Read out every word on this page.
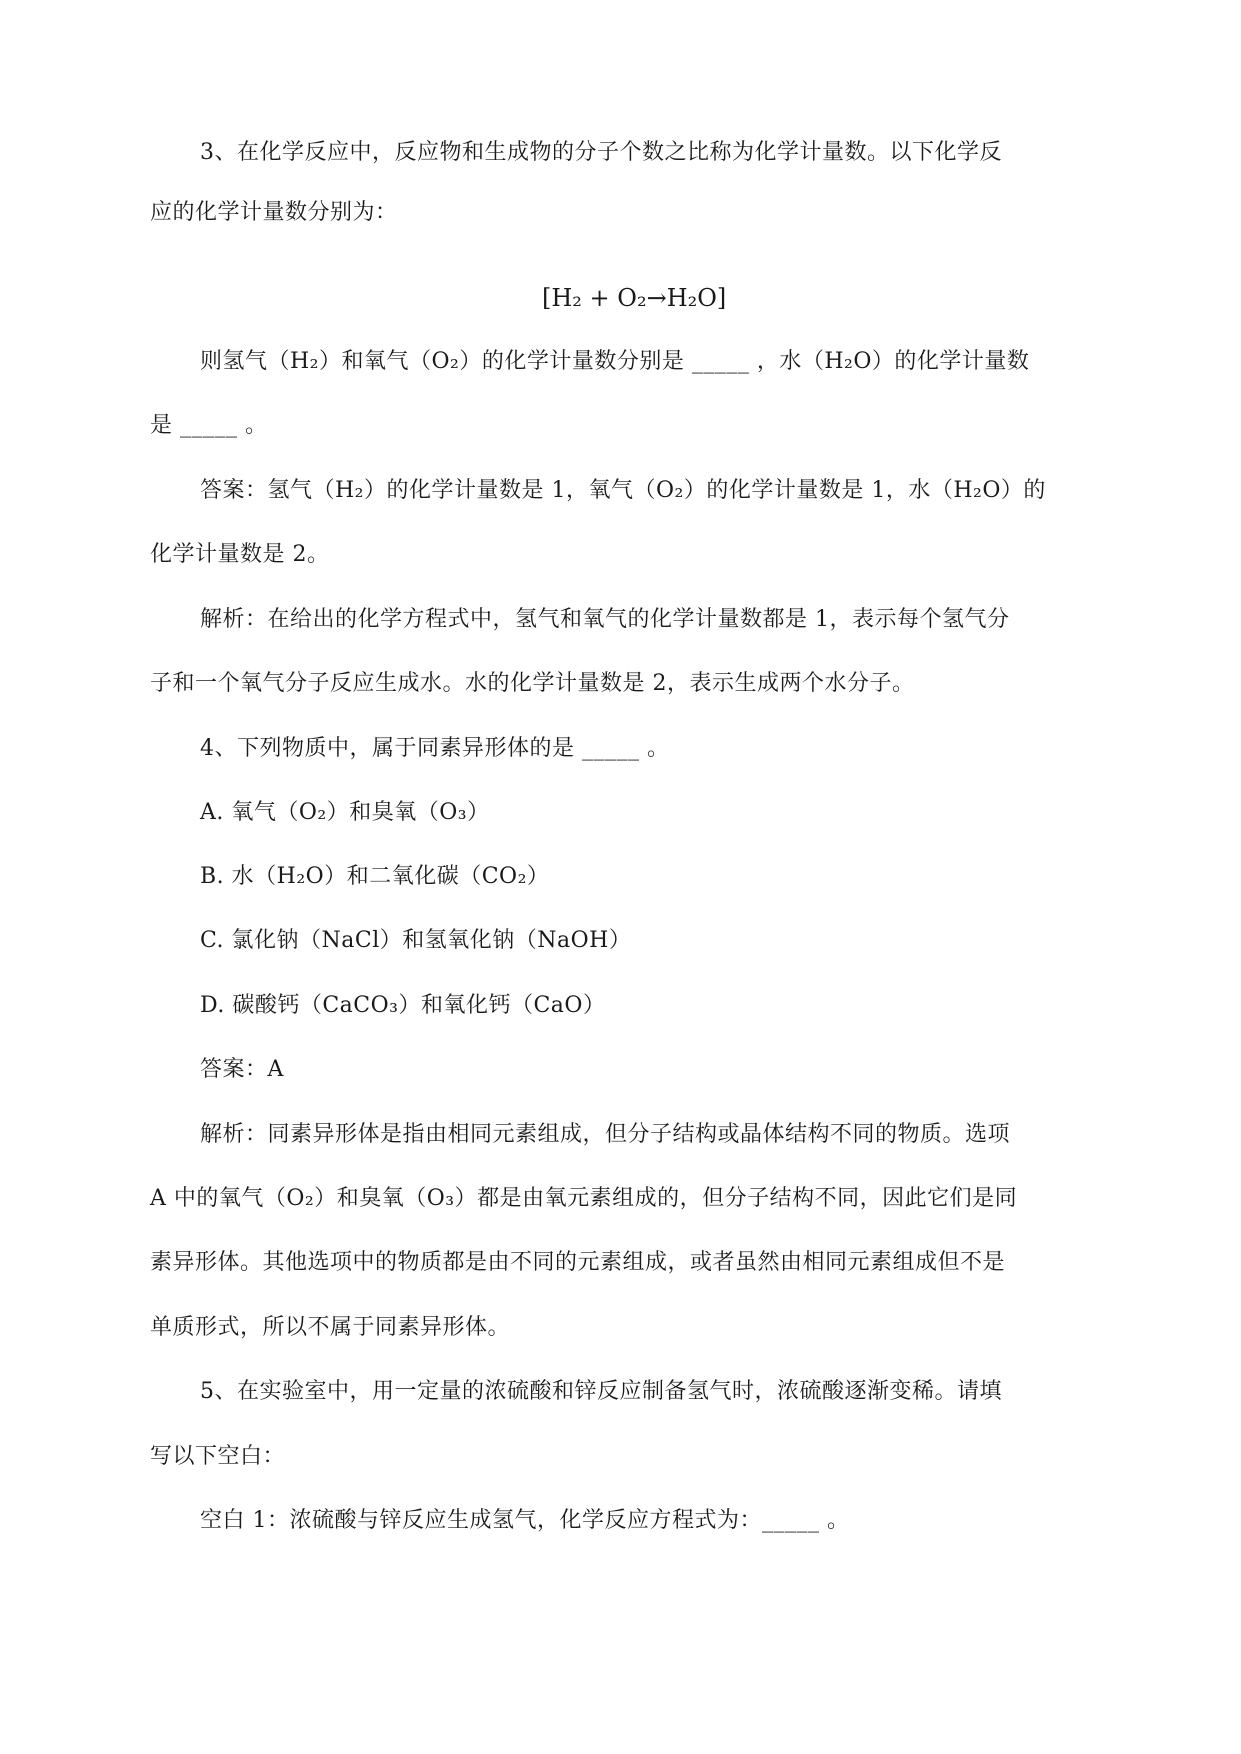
3、在化学反应中，反应物和生成物的分子个数之比称为化学计量数。以下化学反
应的化学计量数分别为：
[H₂ + O₂→H₂O]
则氢气（H₂）和氧气（O₂）的化学计量数分别是 _____ ，水（H₂O）的化学计量数
是 _____ 。
答案：氢气（H₂）的化学计量数是 1，氧气（O₂）的化学计量数是 1，水（H₂O）的
化学计量数是 2。
解析：在给出的化学方程式中，氢气和氧气的化学计量数都是 1，表示每个氢气分
子和一个氧气分子反应生成水。水的化学计量数是 2，表示生成两个水分子。
4、下列物质中，属于同素异形体的是 _____ 。
A. 氧气（O₂）和臭氧（O₃）
B. 水（H₂O）和二氧化碳（CO₂）
C. 氯化钠（NaCl）和氢氧化钠（NaOH）
D. 碳酸钙（CaCO₃）和氧化钙（CaO）
答案：A
解析：同素异形体是指由相同元素组成，但分子结构或晶体结构不同的物质。选项
A 中的氧气（O₂）和臭氧（O₃）都是由氧元素组成的，但分子结构不同，因此它们是同
素异形体。其他选项中的物质都是由不同的元素组成，或者虽然由相同元素组成但不是
单质形式，所以不属于同素异形体。
5、在实验室中，用一定量的浓硫酸和锌反应制备氢气时，浓硫酸逐渐变稀。请填
写以下空白：
空白 1：浓硫酸与锌反应生成氢气，化学反应方程式为：_____ 。
